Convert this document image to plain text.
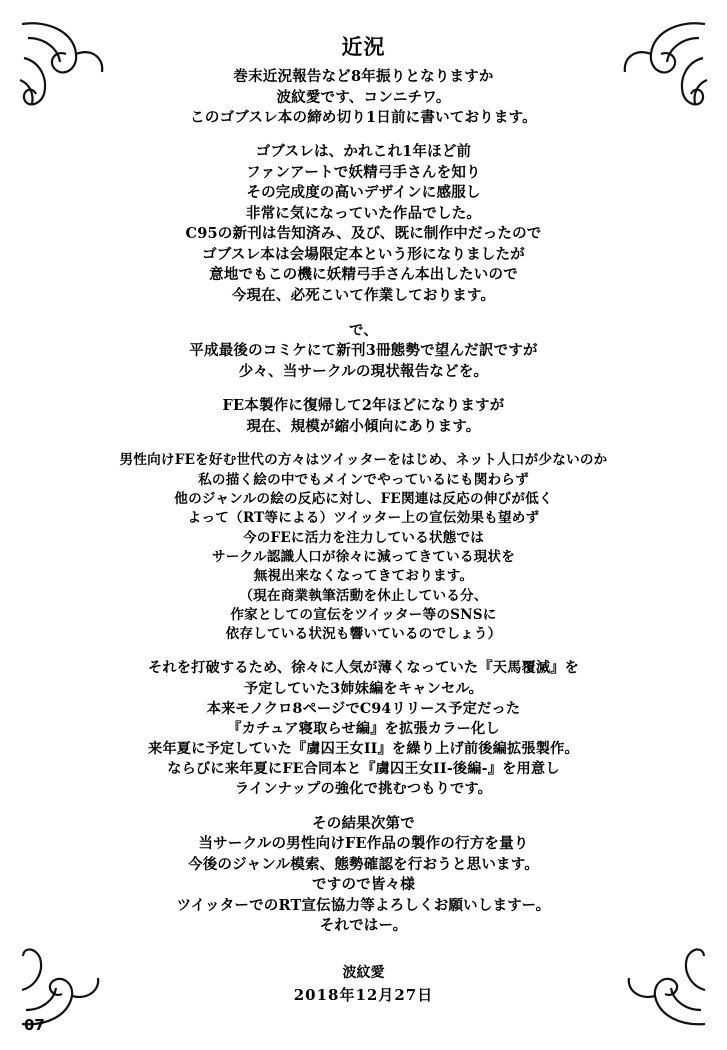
近況
巻末近況報告など8年振りとなりますか
波紋愛です、コンニチワ。
このゴブスレ本の締め切り1日前に書いております。
ゴブスレは、かれこれ1年ほど前
ファンアートで妖精弓手さんを知り
その完成度の高いデザインに感服し
非常に気になっていた作品でした。
C95の新刊は告知済み、及び、既に制作中だったので
ゴブスレ本は会場限定本という形になりましたが
意地でもこの機に妖精弓手さん本出したいので
今現在、必死こいて作業しております。
で、
平成最後のコミケにて新刊3冊態勢で望んだ訳ですが
少々、当サークルの現状報告などを。
FE本製作に復帰して2年ほどになりますが
現在、規模が縮小傾向にあります。
男性向けFEを好む世代の方々はツイッターをはじめ、ネット人口が少ないのか
私の描く絵の中でもメインでやっているにも関わらず
他のジャンルの絵の反応に対し、FE関連は反応の伸びが低く
よって（RT等による）ツイッター上の宣伝効果も望めず
今のFEに活力を注力している状態では
サークル認識人口が徐々に減ってきている現状を
無視出来なくなってきております。
（現在商業執筆活動を休止している分、
作家としての宣伝をツイッター等のSNSに
依存している状況も響いているのでしょう）
それを打破するため、徐々に人気が薄くなっていた『天馬覆滅』を
予定していた3姉妹編をキャンセル。
本来モノクロ8ページでC94リリース予定だった
『カチュア寝取らせ編』を拡張カラー化し
来年夏に予定していた『虜囚王女II』を繰り上げ前後編拡張製作。
ならびに来年夏にFE合同本と『虜囚王女II-後編-』を用意し
ラインナップの強化で挑むつもりです。
その結果次第で
当サークルの男性向けFE作品の製作の行方を量り
今後のジャンル模索、態勢確認を行おうと思います。
ですので皆々様
ツイッターでのRT宣伝協力等よろしくお願いしますー。
それではー。
波紋愛
2018年12月27日
07
